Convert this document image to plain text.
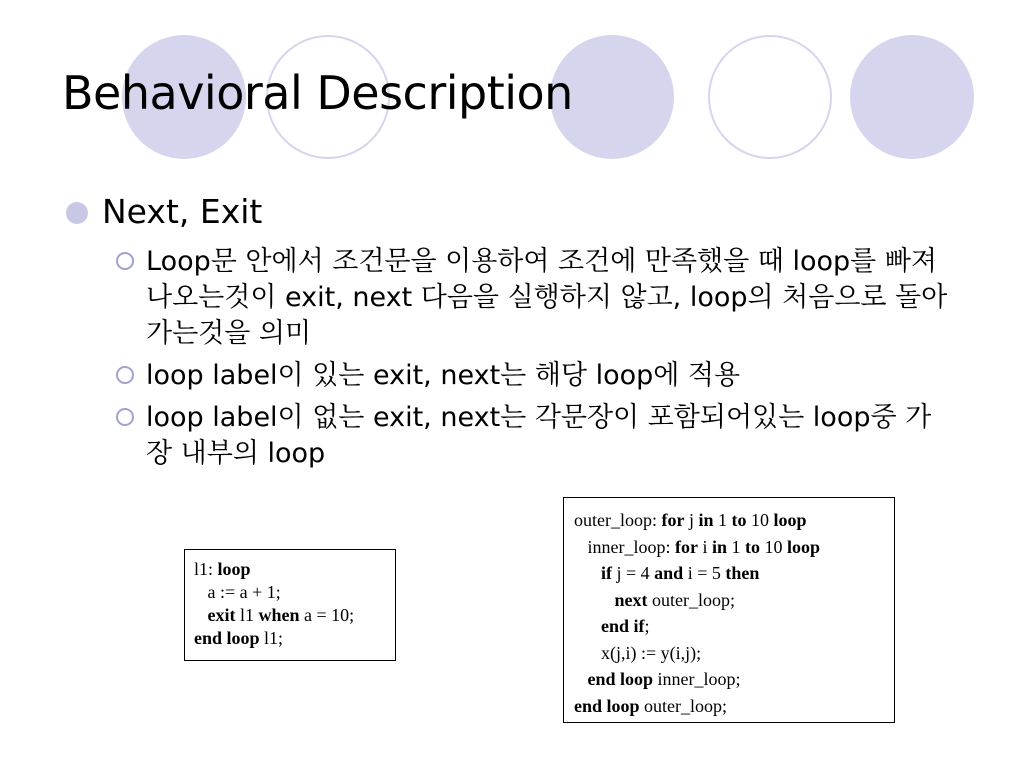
Behavioral Description
Next, Exit
Loop문 안에서 조건문을 이용하여 조건에 만족했을 때 loop를 빠져나오는것이 exit, next 다음을 실행하지 않고, loop의 처음으로 돌아가는것을 의미
loop label이 있는 exit, next는 해당 loop에 적용
loop label이 없는 exit, next는 각문장이 포함되어있는 loop중 가장 내부의 loop
l1: loop
a := a + 1;
exit l1 when a = 10;
end loop l1;
outer_loop: for j in 1 to 10 loop
inner_loop: for i in 1 to 10 loop
if j = 4 and i = 5 then
next outer_loop;
end if;
x(j,i) := y(i,j);
end loop inner_loop;
end loop outer_loop;
